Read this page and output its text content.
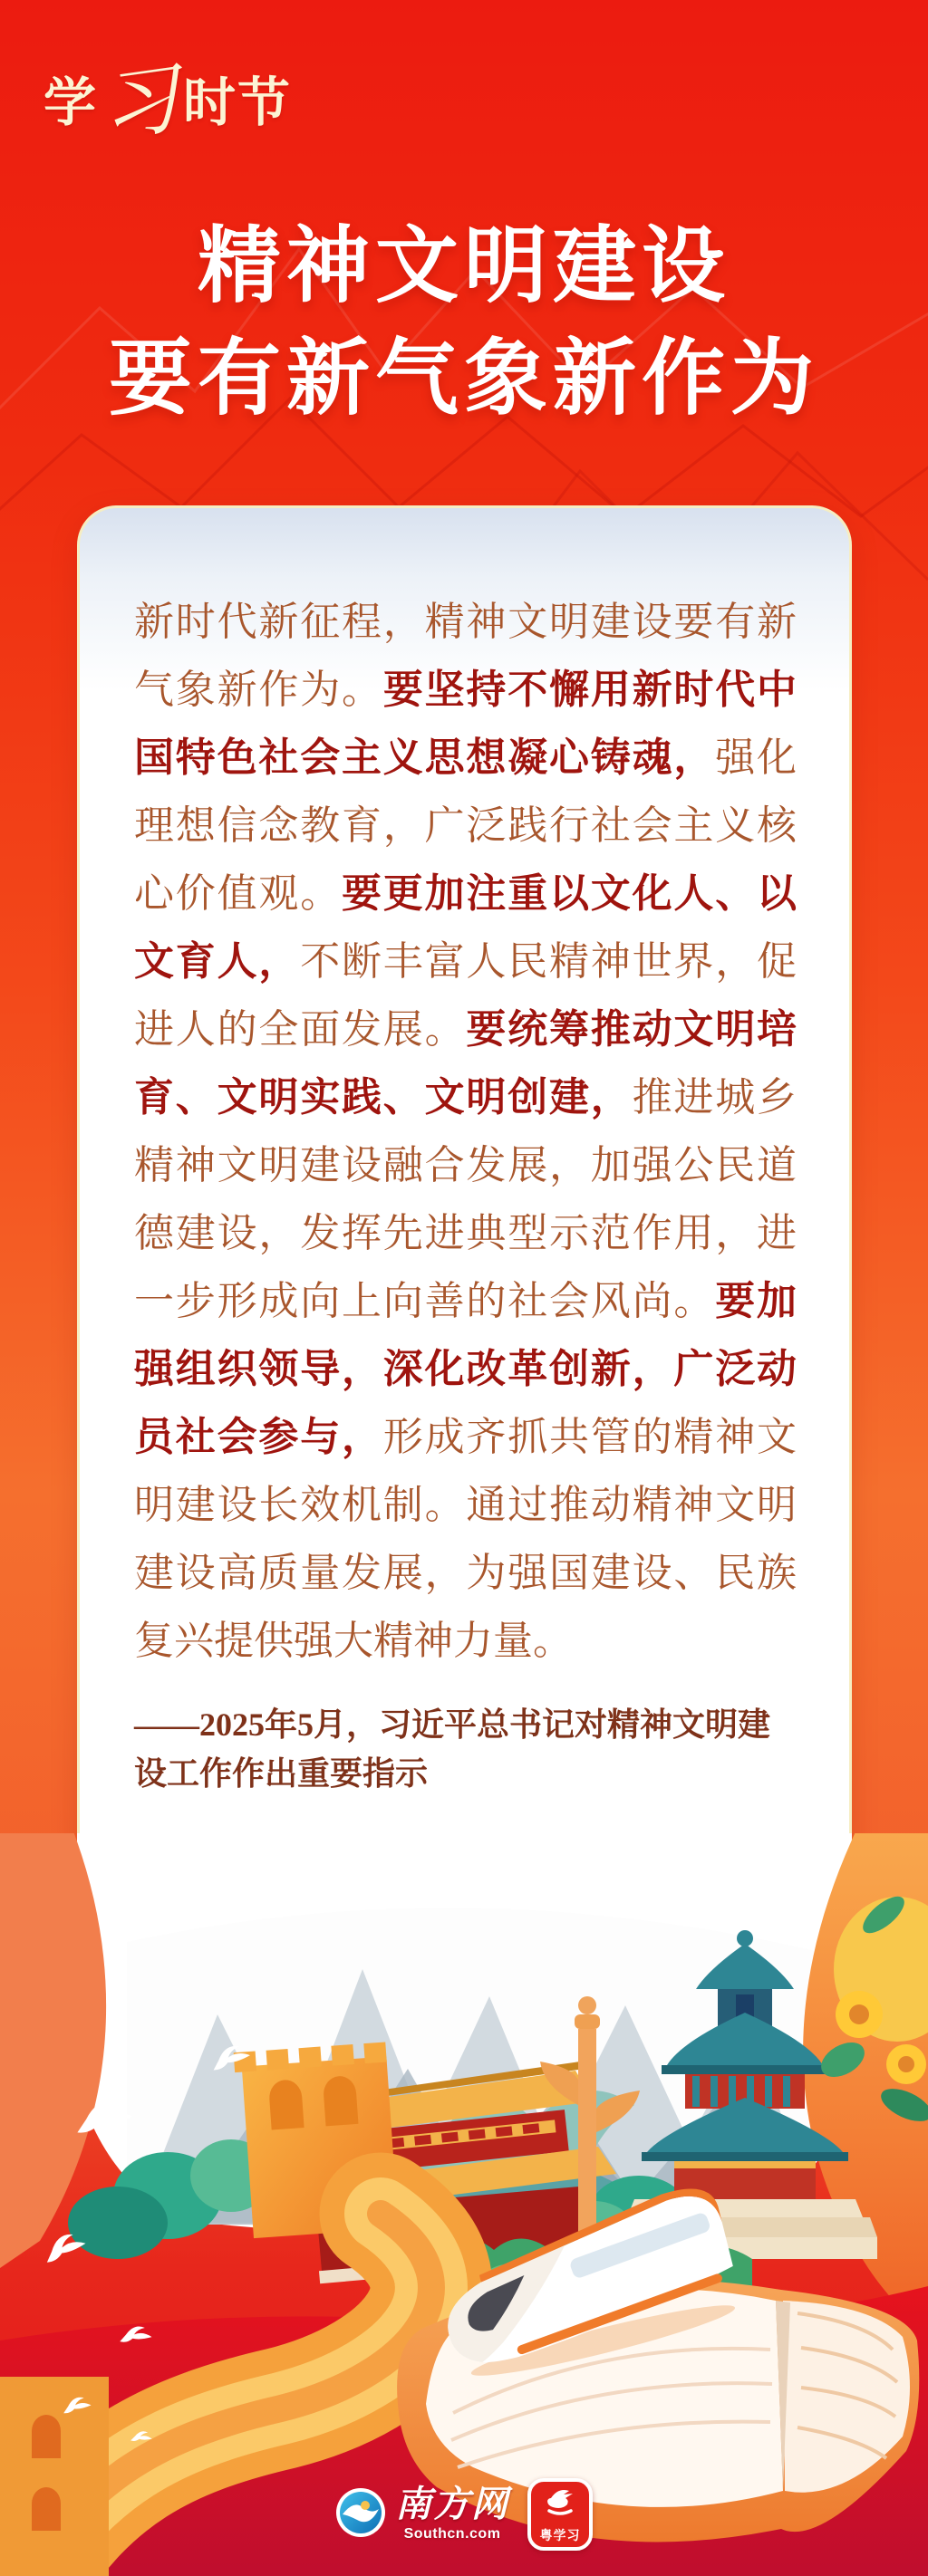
学
习
时 节
精神文明建设
要有新气象新作为

新时代新征程，精神文明建设要有新气象新作为。要坚持不懈用新时代中国特色社会主义思想凝心铸魂，强化理想信念教育，广泛践行社会主义核心价值观。要更加注重以文化人、以文育人，不断丰富人民精神世界，促进人的全面发展。要统筹推动文明培育、文明实践、文明创建，推进城乡精神文明建设融合发展，加强公民道德建设，发挥先进典型示范作用，进一步形成向上向善的社会风尚。要加强组织领导，深化改革创新，广泛动员社会参与，形成齐抓共管的精神文明建设长效机制。通过推动精神文明建设高质量发展，为强国建设、民族复兴提供强大精神力量。

——2025年5月，习近平总书记对精神文明建设工作作出重要指示

南方网
Southcn.com	粤学习
